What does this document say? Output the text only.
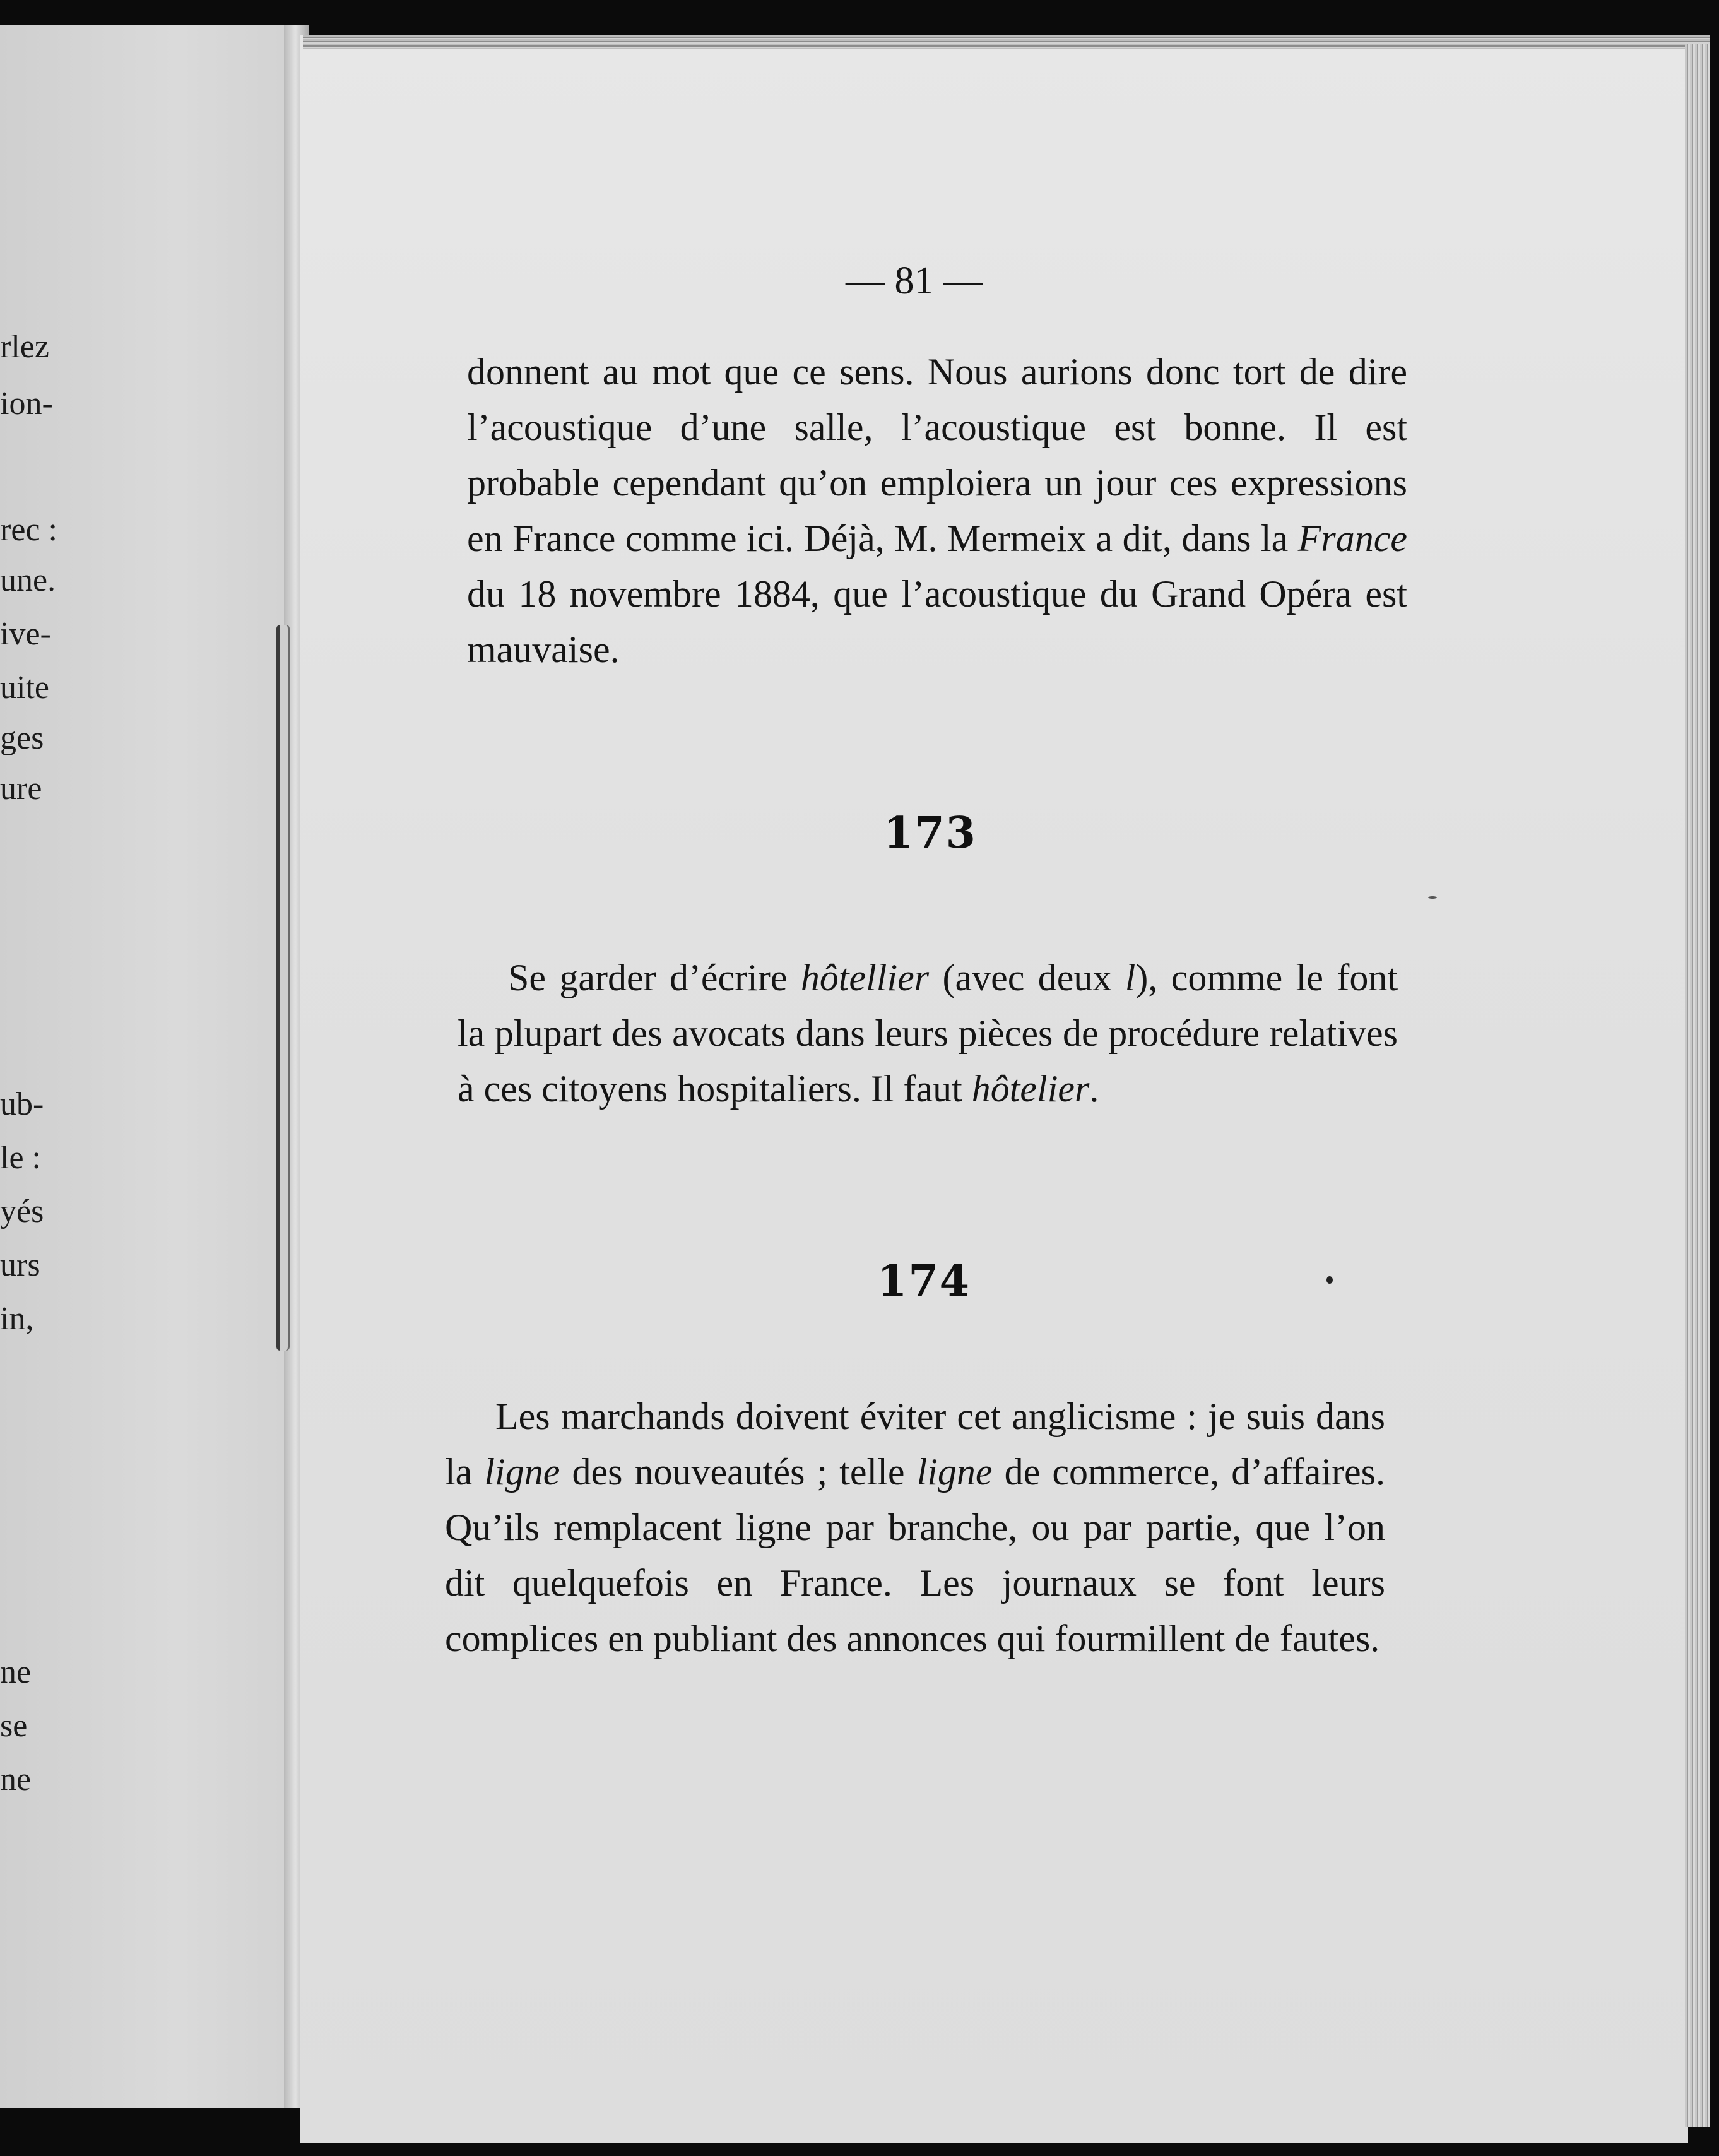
rlez
ion-
rec :
une.
ive-
uite
ges
ure
ub-
le :
yés
urs
in,
ne
se
ne
— 81 —

donnent au mot que ce sens. Nous aurions donc tort de dire l’acoustique d’une salle, l’acoustique est bonne. Il est probable cependant qu’on emploiera un jour ces expressions en France comme ici. Déjà, M. Mermeix a dit, dans la France du 18 novembre 1884, que l’acoustique du Grand Opéra est mauvaise.

173

Se garder d’écrire hôtellier (avec deux l), comme le font la plupart des avocats dans leurs pièces de procédure relatives à ces citoyens hospitaliers. Il faut hôtelier.

174

Les marchands doivent éviter cet anglicisme : je suis dans la ligne des nouveautés ; telle ligne de commerce, d’affaires. Qu’ils remplacent ligne par branche, ou par partie, que l’on dit quelquefois en France. Les journaux se font leurs complices en publiant des annonces qui fourmillent de fautes.
